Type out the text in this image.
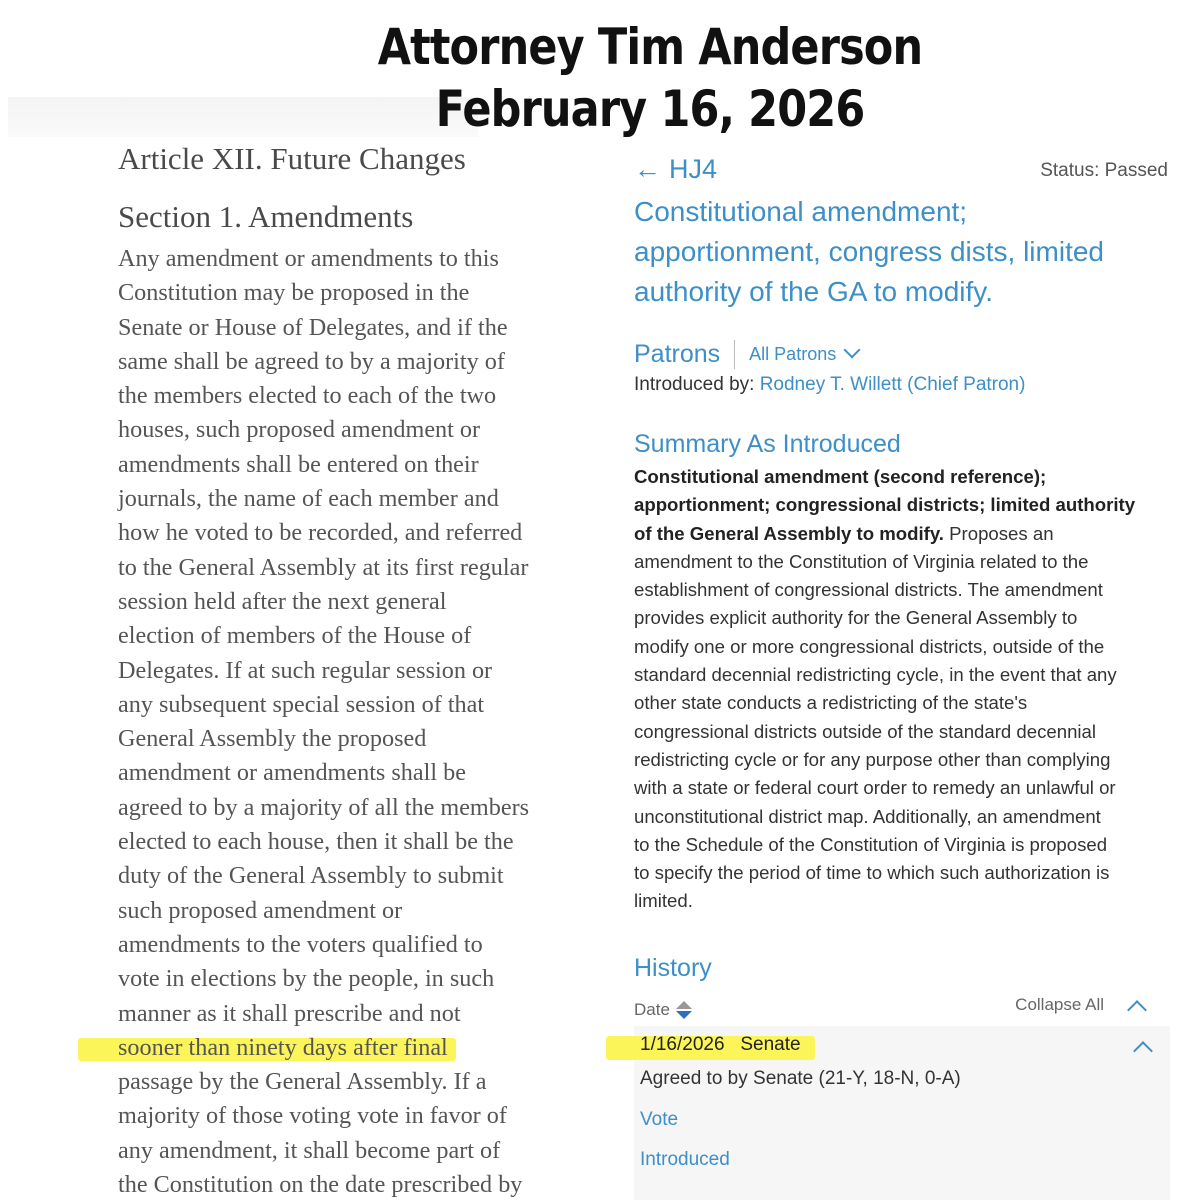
Attorney Tim Anderson
February 16, 2026
Article XII. Future Changes
Section 1. Amendments
Any amendment or amendments to this
Constitution may be proposed in the
Senate or House of Delegates, and if the
same shall be agreed to by a majority of
the members elected to each of the two
houses, such proposed amendment or
amendments shall be entered on their
journals, the name of each member and
how he voted to be recorded, and referred
to the General Assembly at its first regular
session held after the next general
election of members of the House of
Delegates. If at such regular session or
any subsequent special session of that
General Assembly the proposed
amendment or amendments shall be
agreed to by a majority of all the members
elected to each house, then it shall be the
duty of the General Assembly to submit
such proposed amendment or
amendments to the voters qualified to
vote in elections by the people, in such
manner as it shall prescribe and not
sooner than ninety days after final
passage by the General Assembly. If a
majority of those voting vote in favor of
any amendment, it shall become part of
the Constitution on the date prescribed by
← HJ4	Status: Passed
Constitutional amendment;
apportionment, congress dists, limited
authority of the GA to modify.
Patrons	All Patrons
Introduced by: Rodney T. Willett (Chief Patron)
Summary As Introduced
Constitutional amendment (second reference);
apportionment; congressional districts; limited authority
of the General Assembly to modify. Proposes an
amendment to the Constitution of Virginia related to the
establishment of congressional districts. The amendment
provides explicit authority for the General Assembly to
modify one or more congressional districts, outside of the
standard decennial redistricting cycle, in the event that any
other state conducts a redistricting of the state's
congressional districts outside of the standard decennial
redistricting cycle or for any purpose other than complying
with a state or federal court order to remedy an unlawful or
unconstitutional district map. Additionally, an amendment
to the Schedule of the Constitution of Virginia is proposed
to specify the period of time to which such authorization is
limited.
History
Date	Collapse All
1/16/2026   Senate
Agreed to by Senate (21-Y, 18-N, 0-A)
Vote
Introduced
